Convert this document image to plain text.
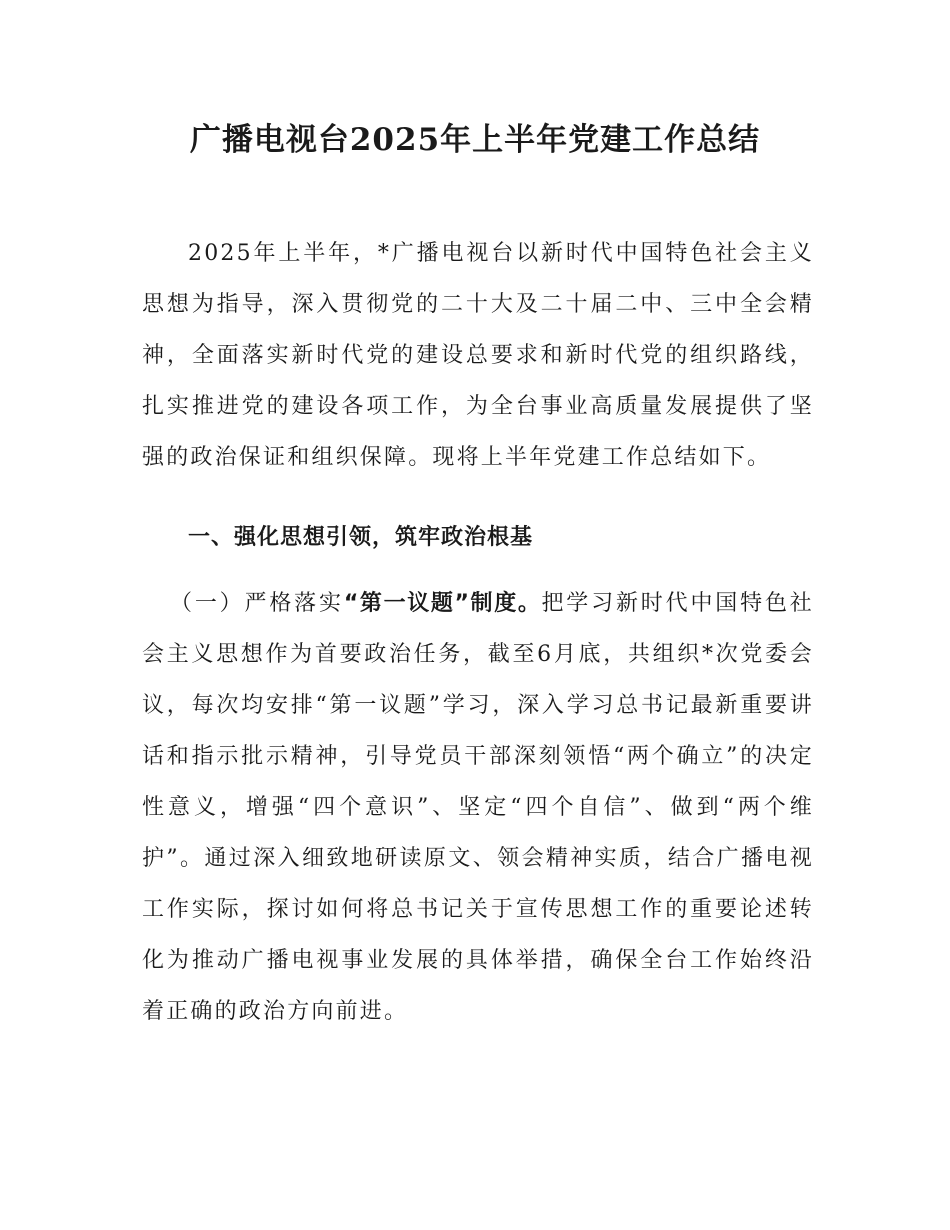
广播电视台2025年上半年党建工作总结

2025年上半年，*广播电视台以新时代中国特色社会主义思想为指导，深入贯彻党的二十大及二十届二中、三中全会精神，全面落实新时代党的建设总要求和新时代党的组织路线，扎实推进党的建设各项工作，为全台事业高质量发展提供了坚强的政治保证和组织保障。现将上半年党建工作总结如下。

一、强化思想引领，筑牢政治根基

（一）严格落实“第一议题”制度。把学习新时代中国特色社会主义思想作为首要政治任务，截至6月底，共组织*次党委会议，每次均安排“第一议题”学习，深入学习总书记最新重要讲话和指示批示精神，引导党员干部深刻领悟“两个确立”的决定性意义，增强“四个意识”、坚定“四个自信”、做到“两个维护”。通过深入细致地研读原文、领会精神实质，结合广播电视工作实际，探讨如何将总书记关于宣传思想工作的重要论述转化为推动广播电视事业发展的具体举措，确保全台工作始终沿着正确的政治方向前进。
